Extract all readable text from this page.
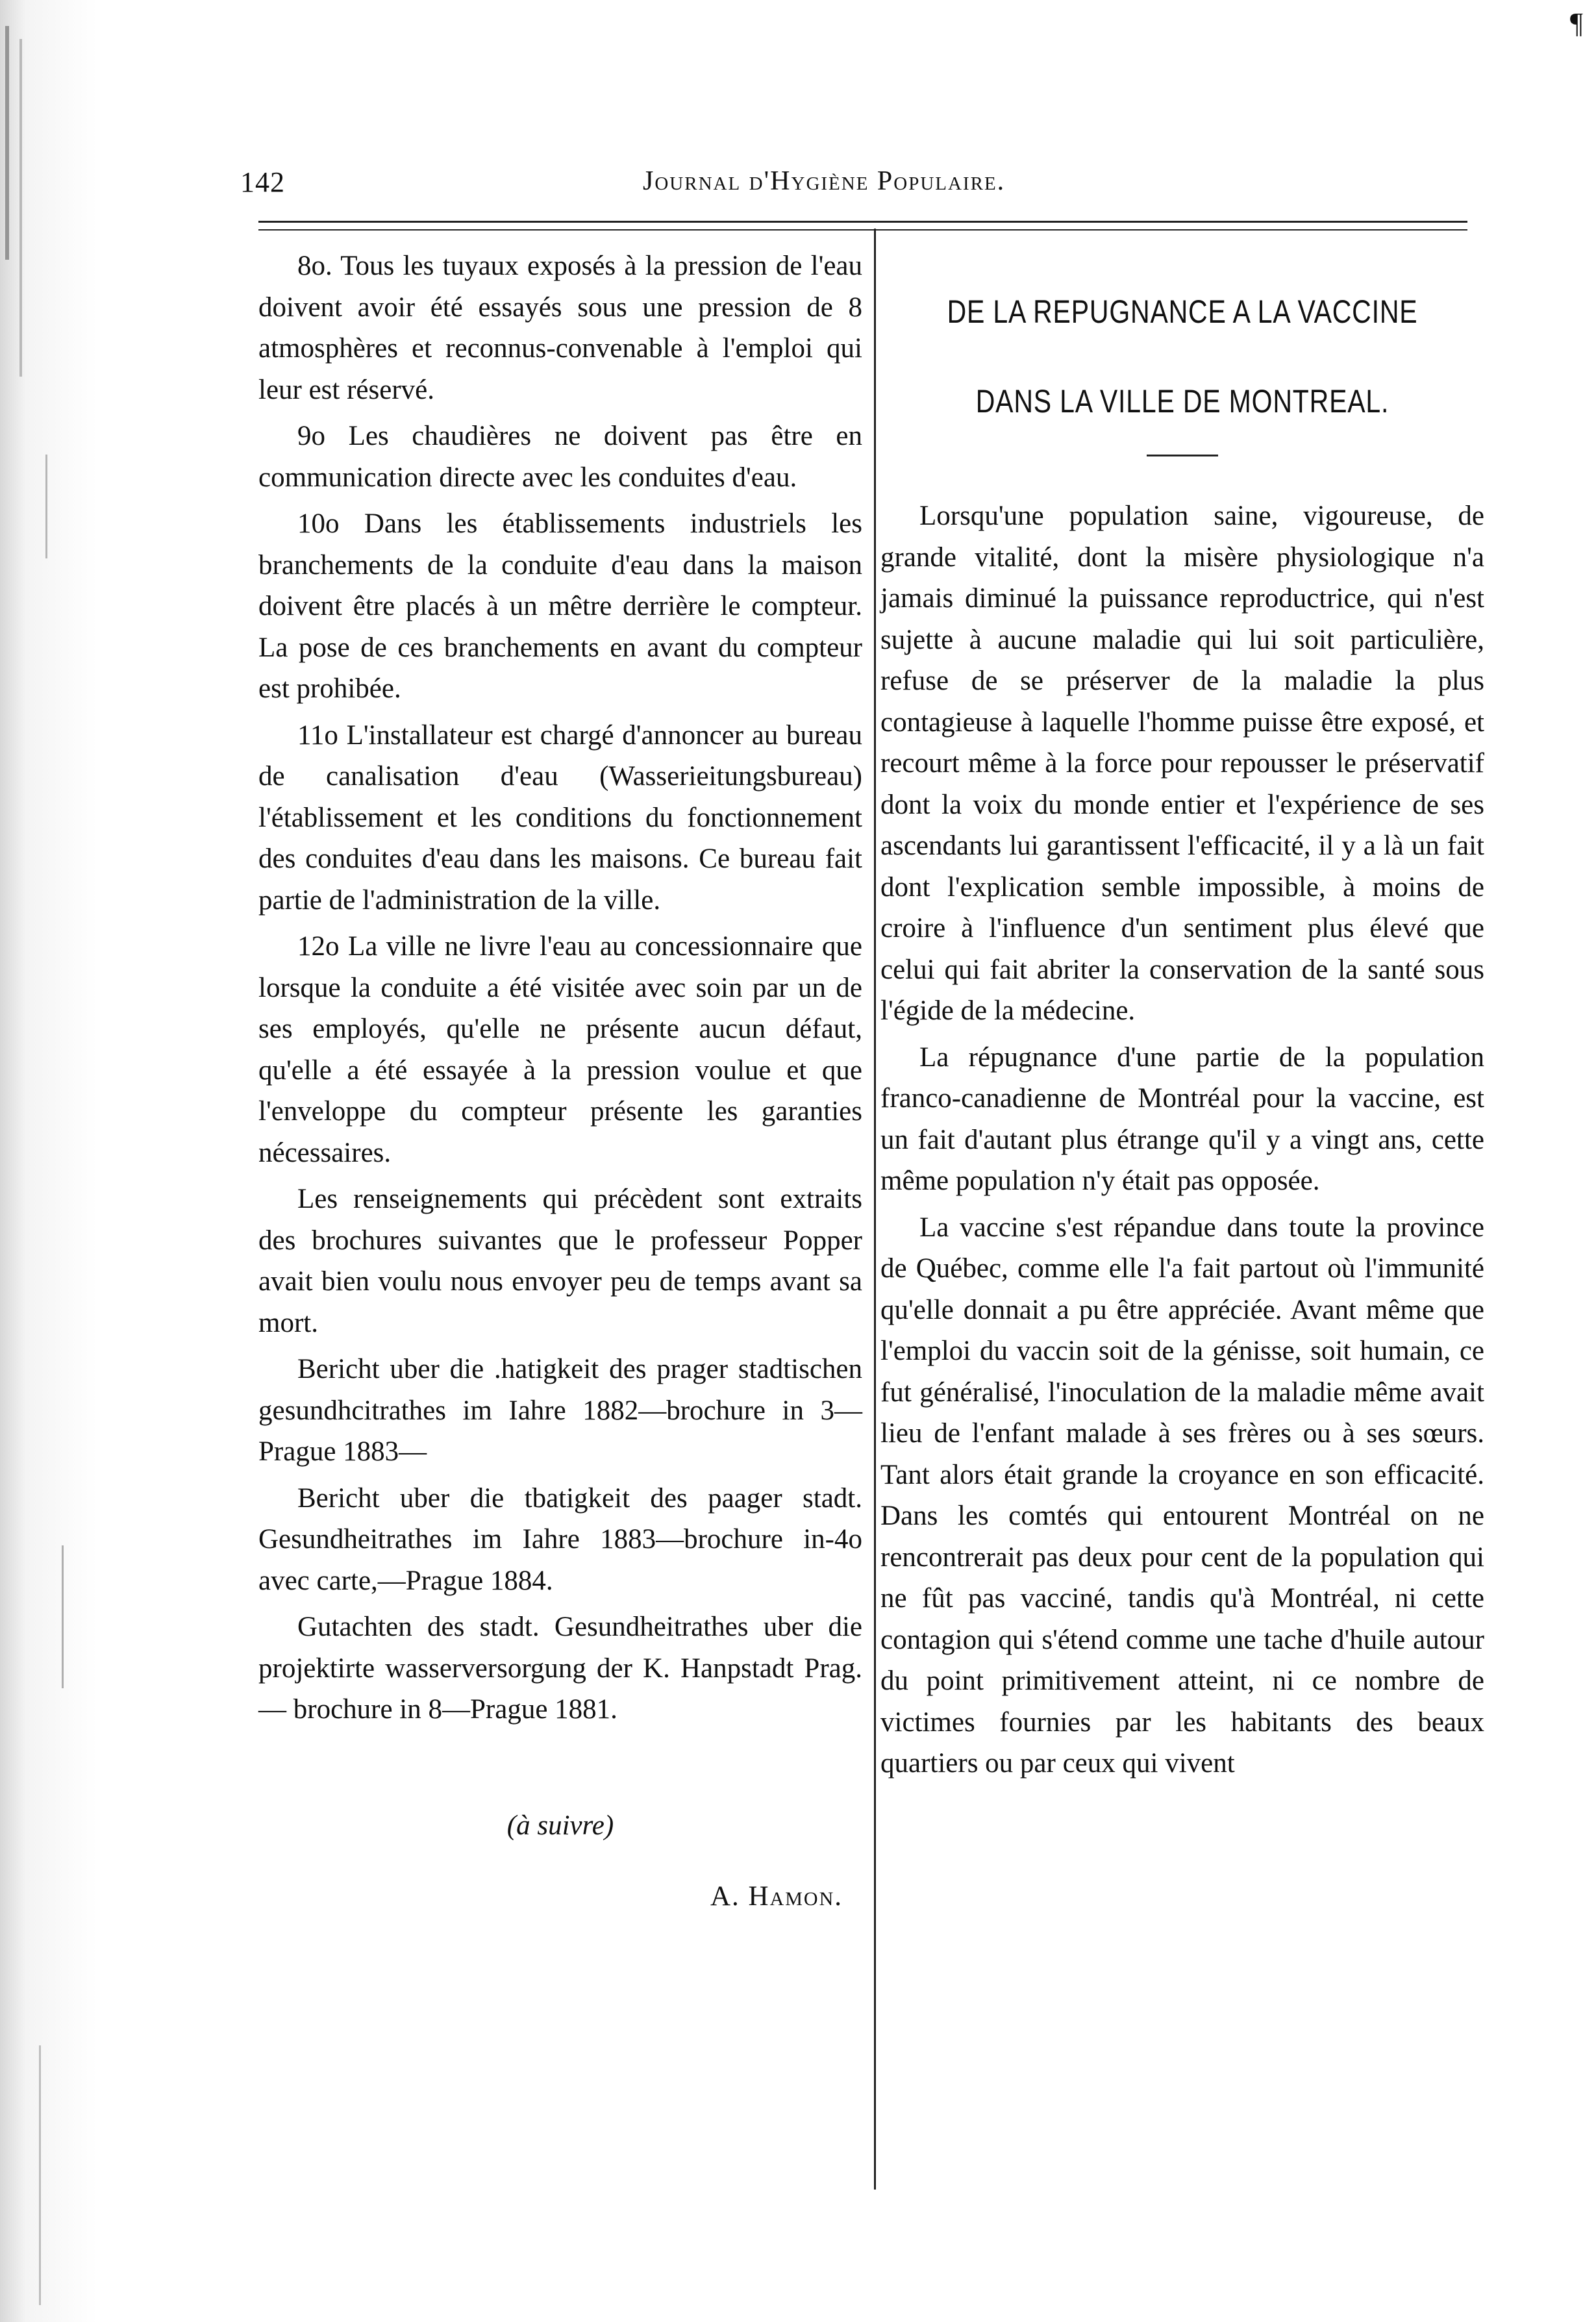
¶
142	Journal d'Hygiène Populaire.

8o. Tous les tuyaux exposés à la pression de l'eau doivent avoir été essayés sous une pression de 8 atmosphères et reconnus-convenable à l'emploi qui leur est réservé.

9o Les chaudières ne doivent pas être en communication directe avec les conduites d'eau.

10o Dans les établissements industriels les branchements de la conduite d'eau dans la maison doivent être placés à un mêtre derrière le compteur. La pose de ces branchements en avant du compteur est prohibée.

11o L'installateur est chargé d'annoncer au bureau de canalisation d'eau (Wasserieitungsbureau) l'établissement et les conditions du fonctionnement des conduites d'eau dans les maisons. Ce bureau fait partie de l'administration de la ville.

12o La ville ne livre l'eau au concessionnaire que lorsque la conduite a été visitée avec soin par un de ses employés, qu'elle ne présente aucun défaut, qu'elle a été essayée à la pression voulue et que l'enveloppe du compteur présente les garanties nécessaires.

Les renseignements qui précèdent sont extraits des brochures suivantes que le professeur Popper avait bien voulu nous envoyer peu de temps avant sa mort.

Bericht uber die .hatigkeit des prager stadtischen gesundhcitrathes im Iahre 1882—brochure in 3—Prague 1883—

Bericht uber die tbatigkeit des paager stadt. Gesundheitrathes im Iahre 1883—brochure in-4o avec carte,—Prague 1884.

Gutachten des stadt. Gesundheitrathes uber die projektirte wasserversorgung der K. Hanpstadt Prag.— brochure in 8—Prague 1881.

(à suivre)

A. Hamon.

DE LA REPUGNANCE A LA VACCINE

DANS LA VILLE DE MONTREAL.

Lorsqu'une population saine, vigoureuse, de grande vitalité, dont la misère physiologique n'a jamais diminué la puissance reproductrice, qui n'est sujette à aucune maladie qui lui soit particulière, refuse de se préserver de la maladie la plus contagieuse à laquelle l'homme puisse être exposé, et recourt même à la force pour repousser le préservatif dont la voix du monde entier et l'expérience de ses ascendants lui garantissent l'efficacité, il y a là un fait dont l'explication semble impossible, à moins de croire à l'influence d'un sentiment plus élevé que celui qui fait abriter la conservation de la santé sous l'égide de la médecine.

La répugnance d'une partie de la population franco-canadienne de Montréal pour la vaccine, est un fait d'autant plus étrange qu'il y a vingt ans, cette même population n'y était pas opposée.

La vaccine s'est répandue dans toute la province de Québec, comme elle l'a fait partout où l'immunité qu'elle donnait a pu être appréciée. Avant même que l'emploi du vaccin soit de la génisse, soit humain, ce fut généralisé, l'inoculation de la maladie même avait lieu de l'enfant malade à ses frères ou à ses sœurs. Tant alors était grande la croyance en son efficacité. Dans les comtés qui entourent Montréal on ne rencontrerait pas deux pour cent de la population qui ne fût pas vacciné, tandis qu'à Montréal, ni cette contagion qui s'étend comme une tache d'huile autour du point primitivement atteint, ni ce nombre de victimes fournies par les habitants des beaux quartiers ou par ceux qui vivent
